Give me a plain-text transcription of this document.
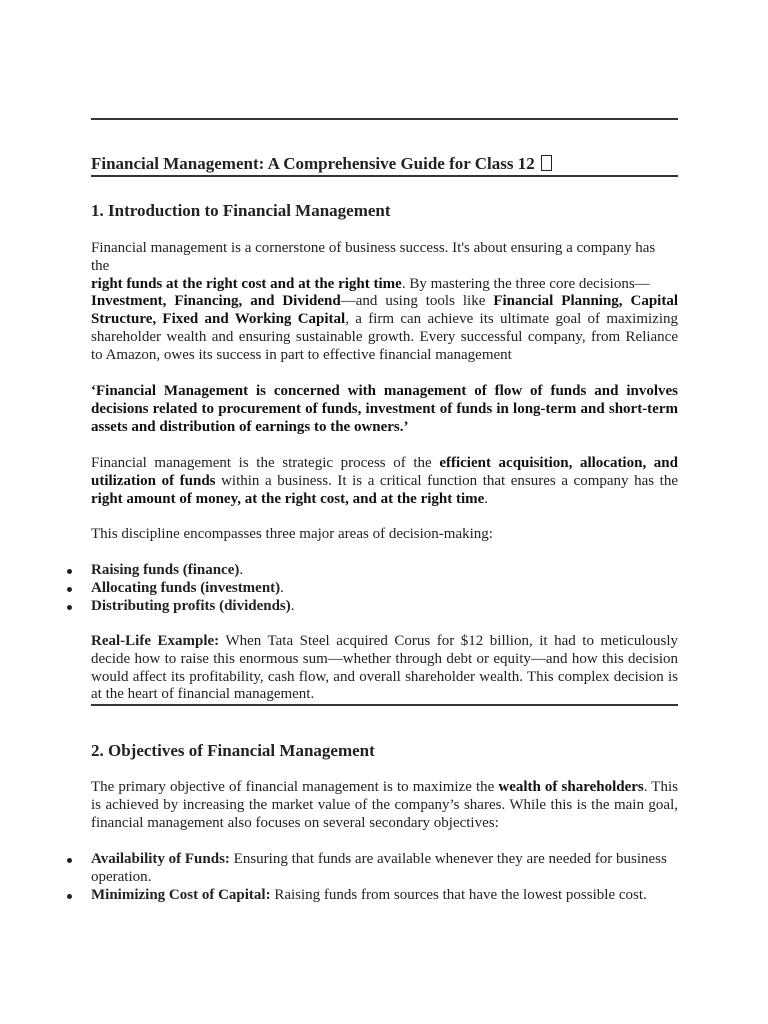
Financial Management: A Comprehensive Guide for Class 12
1. Introduction to Financial Management

Financial management is a cornerstone of business success. It's about ensuring a company has
the
right funds at the right cost and at the right time. By mastering the three core decisions—
Investment, Financing, and Dividend—and using tools like Financial Planning, Capital
Structure, Fixed and Working Capital, a firm can achieve its ultimate goal of maximizing
shareholder wealth and ensuring sustainable growth. Every successful company, from Reliance
to Amazon, owes its success in part to effective financial management

‘Financial Management is concerned with management of flow of funds and involves decisions related to procurement of funds, investment of funds in long-term and short-term assets and distribution of earnings to the owners.’

Financial management is the strategic process of the efficient acquisition, allocation, and utilization of funds within a business. It is a critical function that ensures a company has the right amount of money, at the right cost, and at the right time.

This discipline encompasses three major areas of decision-making:

Raising funds (finance).
Allocating funds (investment).
Distributing profits (dividends).
Real-Life Example: When Tata Steel acquired Corus for $12 billion, it had to meticulously decide how to raise this enormous sum—whether through debt or equity—and how this decision would affect its profitability, cash flow, and overall shareholder wealth. This complex decision is at the heart of financial management.
2. Objectives of Financial Management

The primary objective of financial management is to maximize the wealth of shareholders. This is achieved by increasing the market value of the company’s shares. While this is the main goal, financial management also focuses on several secondary objectives:

Availability of Funds: Ensuring that funds are available whenever they are needed for business operation.
Minimizing Cost of Capital: Raising funds from sources that have the lowest possible cost.
